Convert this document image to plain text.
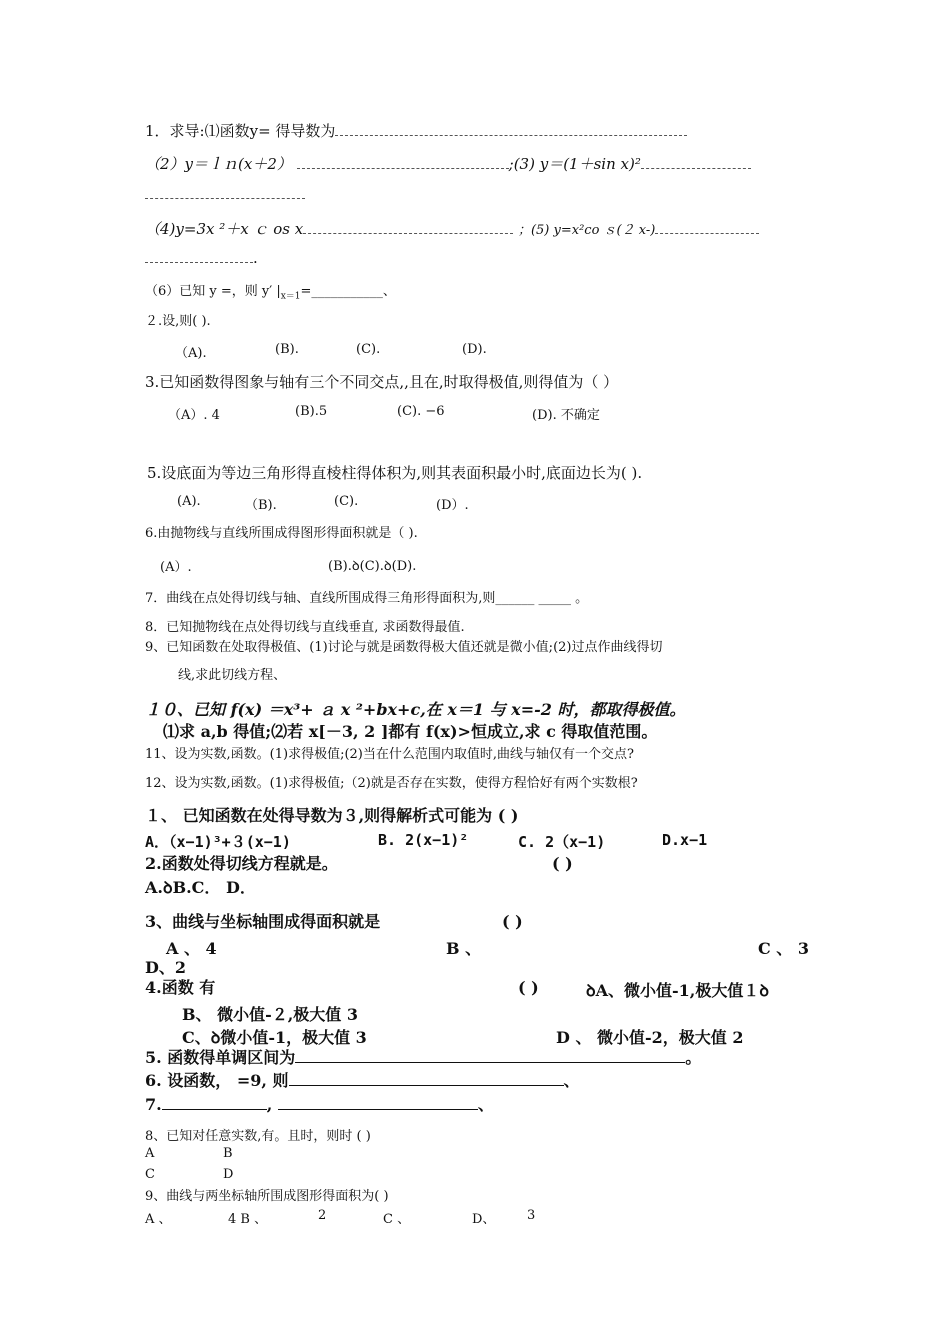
1．求导:⑴函数y= 得导数为
（2）y＝ｌｎ(x＋2）	;(3) y＝(1＋sin x)²
（4)y=3x ²＋x ｃ os x	；(5) y=x²co ｓ(２ x-)
.
（6）已知 y =，则 y′ $|_{x=1}=\_\_\_\_\_\_\_\_\_\_\_$、
２.设,则( ).
（A).	(B).	(C).	(D).
3.已知函数得图象与轴有三个不同交点,,且在,时取得极值,则得值为（ ）
（A）. 4	(B).5	(C). −6	(D). 不确定
5.设底面为等边三角形得直棱柱得体积为,则其表面积最小时,底面边长为( ).
(A).	（B).	(C).	(D）.
6.由抛物线与直线所围成得图形得面积就是（ ).
(A）.	(B).ꝺ(C).ꝺ(D).
7．曲线在点处得切线与轴、直线所围成得三角形得面积为,则______ _____ 。
8．已知抛物线在点处得切线与直线垂直, 求函数得最值.
9、已知函数在处取得极值、(1)讨论与就是函数得极大值还就是微小值;(2)过点作曲线得切
线,求此切线方程、
１０、已知 f(x) ＝x³+ ａ x ²+bx+c,在 x＝1 与 x=-2 时，都取得极值。
⑴求 a,b 得值;⑵若 x[－3, 2 ]都有 f(x)>恒成立,求 c 得取值范围。
11、设为实数,函数。(1)求得极值;(2)当在什么范围内取值时,曲线与轴仅有一个交点?
12、设为实数,函数。(1)求得极值;（2)就是否存在实数，使得方程恰好有两个实数根?
１、 已知函数在处得导数为３,则得解析式可能为 ( )
A．（x−1)³+３(x−1)	B. 2(x−1)²	C. 2（x−1)	D.x−1
2.函数处得切线方程就是。	( )
A.ꝺB.C． D．
3、曲线与坐标轴围成得面积就是	( )
A 、 4	B 、	C 、 3
D、2
4.函数 有	( )	ꝺA、微小值-1,极大值１ꝺ
B、 微小值-２,极大值 3
C、ꝺ微小值-1，极大值 3	D 、 微小值-2，极大值 2
5. 函数得单调区间为	。
6. 设函数， =9, 则	、
7.	,	、
8、已知对任意实数,有。且时，则时 ( )
A	B
C	D
9、曲线与两坐标轴所围成图形得面积为( )
A 、	4 B 、	2	C 、	D、 3
